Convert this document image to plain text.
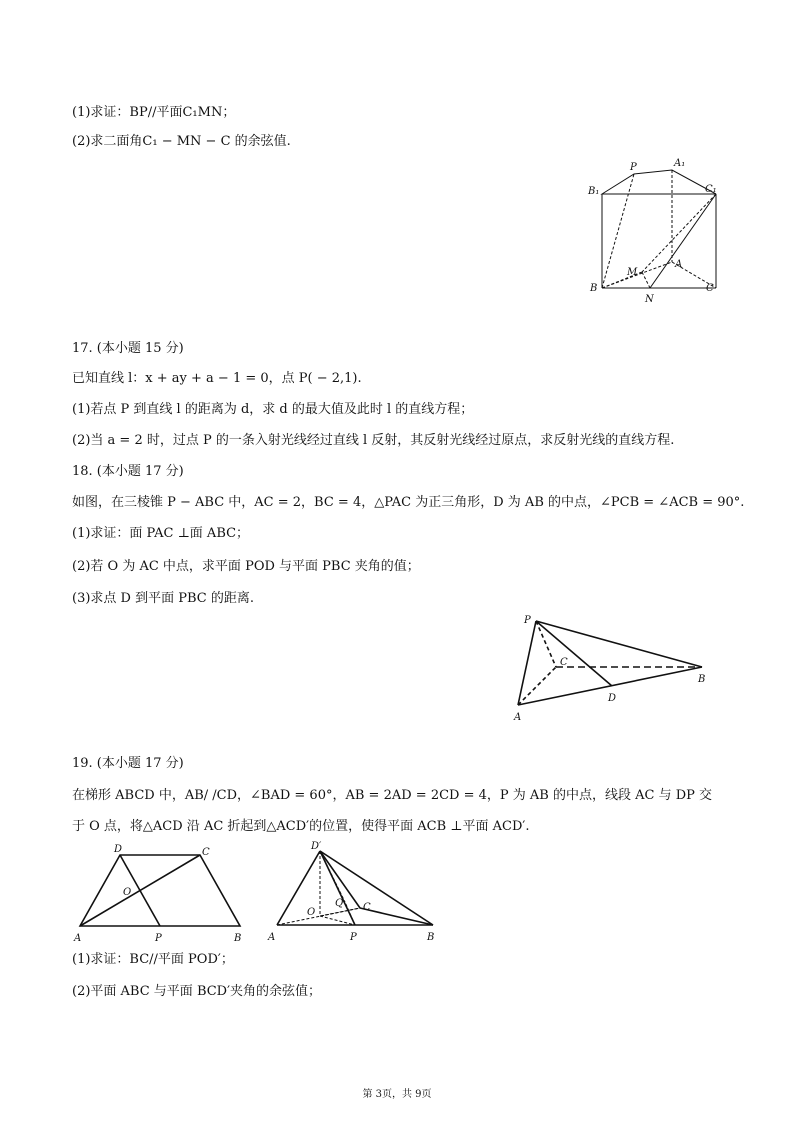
(1)求证：BP//平面C₁MN；
(2)求二面角C₁ − MN − C 的余弦值.
B₁
P	A₁
C₁
M
A
B
N
C
17. (本小题 15 分)
已知直线 l：x + ay + a − 1 = 0，点 P( − 2,1).
(1)若点 P 到直线 l 的距离为 d，求 d 的最大值及此时 l 的直线方程；
(2)当 a = 2 时，过点 P 的一条入射光线经过直线 l 反射，其反射光线经过原点，求反射光线的直线方程.
18. (本小题 17 分)
如图，在三棱锥 P − ABC 中，AC = 2，BC = 4，△PAC 为正三角形，D 为 AB 的中点，∠PCB = ∠ACB = 90°.
(1)求证：面 PAC ⊥面 ABC；
(2)若 O 为 AC 中点，求平面 POD 与平面 PBC 夹角的值；
(3)求点 D 到平面 PBC 的距离.
P
C
B
D
A
19. (本小题 17 分)
在梯形 ABCD 中，AB/ /CD，∠BAD = 60°，AB = 2AD = 2CD = 4，P 为 AB 的中点，线段 AC 与 DP 交
于 O 点，将△ACD 沿 AC 折起到△ACD′的位置，使得平面 ACB ⊥平面 ACD′.
D	C
O
A	P	B
D′
Q
O	C
A	P	B
(1)求证：BC//平面 POD′；
(2)平面 ABC 与平面 BCD′夹角的余弦值；
第 3页，共 9页
